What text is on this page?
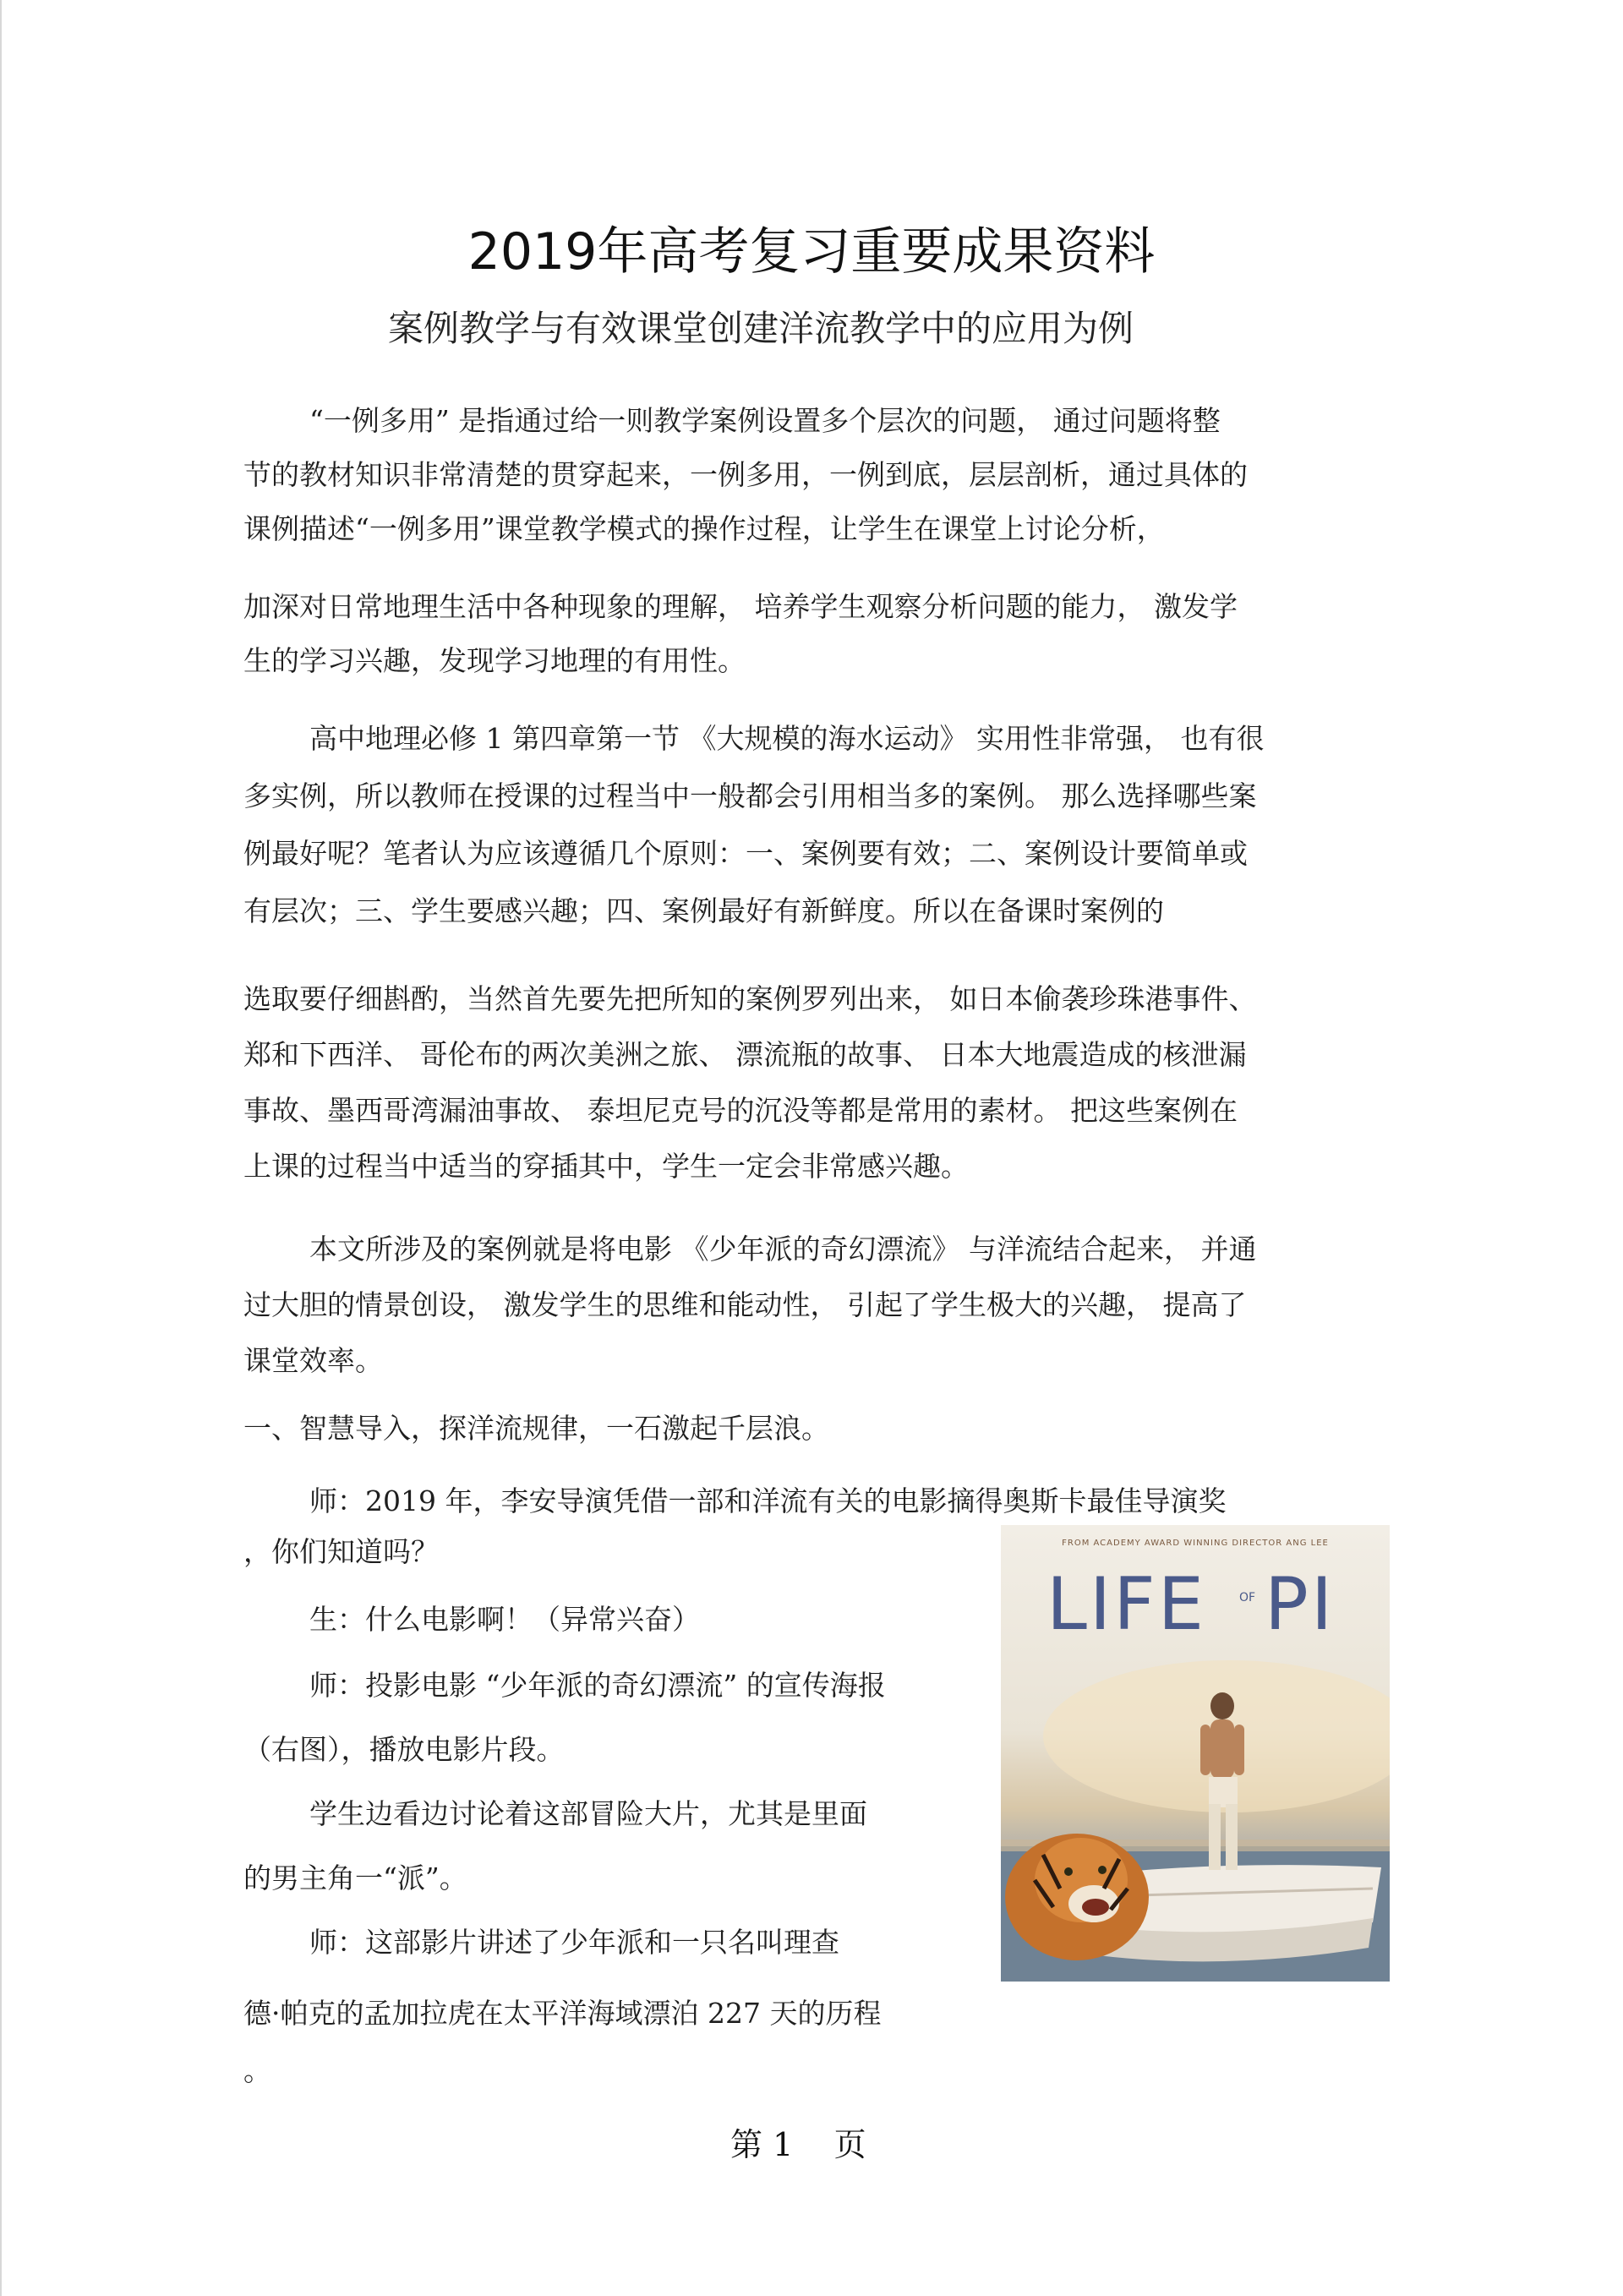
2019年高考复习重要成果资料
案例教学与有效课堂创建洋流教学中的应用为例
“一例多用” 是指通过给一则教学案例设置多个层次的问题， 通过问题将整
节的教材知识非常清楚的贯穿起来，一例多用，一例到底，层层剖析，通过具体的
课例描述“一例多用”课堂教学模式的操作过程，让学生在课堂上讨论分析，
加深对日常地理生活中各种现象的理解， 培养学生观察分析问题的能力， 激发学
生的学习兴趣，发现学习地理的有用性。
高中地理必修 1 第四章第一节 《大规模的海水运动》 实用性非常强， 也有很
多实例，所以教师在授课的过程当中一般都会引用相当多的案例。 那么选择哪些案
例最好呢？笔者认为应该遵循几个原则：一、案例要有效；二、案例设计要简单或
有层次；三、学生要感兴趣；四、案例最好有新鲜度。所以在备课时案例的
选取要仔细斟酌，当然首先要先把所知的案例罗列出来， 如日本偷袭珍珠港事件、
郑和下西洋、 哥伦布的两次美洲之旅、 漂流瓶的故事、 日本大地震造成的核泄漏
事故、墨西哥湾漏油事故、 泰坦尼克号的沉没等都是常用的素材。 把这些案例在
上课的过程当中适当的穿插其中，学生一定会非常感兴趣。
本文所涉及的案例就是将电影 《少年派的奇幻漂流》 与洋流结合起来， 并通
过大胆的情景创设， 激发学生的思维和能动性， 引起了学生极大的兴趣， 提高了
课堂效率。
一、智慧导入，探洋流规律，一石激起千层浪。
师：2019 年，李安导演凭借一部和洋流有关的电影摘得奥斯卡最佳导演奖
，你们知道吗？
生：什么电影啊！（异常兴奋）
师：投影电影 “少年派的奇幻漂流” 的宣传海报
（右图），播放电影片段。
学生边看边讨论着这部冒险大片，尤其是里面
的男主角一“派”。
师：这部影片讲述了少年派和一只名叫理查
德·帕克的孟加拉虎在太平洋海域漂泊 227 天的历程
。
FROM ACADEMY AWARD WINNING DIRECTOR ANG LEE
LIFE	OF PI
第 1    页
